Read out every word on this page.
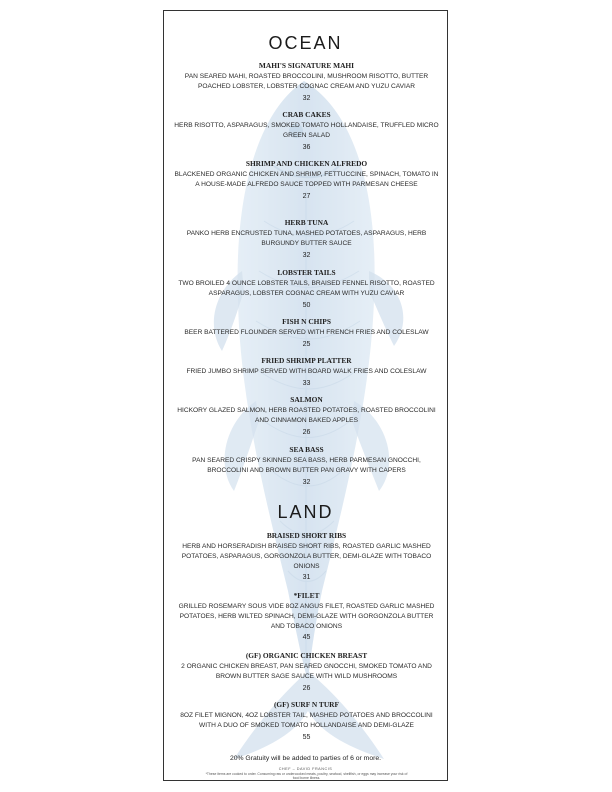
OCEAN
MAHI'S SIGNATURE MAHI
PAN SEARED MAHI, ROASTED BROCCOLINI, MUSHROOM RISOTTO, BUTTER POACHED LOBSTER, LOBSTER COGNAC CREAM AND YUZU CAVIAR
32
CRAB CAKES
HERB RISOTTO, ASPARAGUS, SMOKED TOMATO HOLLANDAISE, TRUFFLED MICRO GREEN SALAD
36
SHRIMP AND CHICKEN ALFREDO
BLACKENED ORGANIC CHICKEN AND SHRIMP, FETTUCCINE, SPINACH, TOMATO IN A HOUSE-MADE ALFREDO SAUCE TOPPED WITH PARMESAN CHEESE
27
HERB TUNA
PANKO HERB ENCRUSTED TUNA, MASHED POTATOES, ASPARAGUS, HERB BURGUNDY BUTTER SAUCE
32
LOBSTER TAILS
TWO BROILED 4 OUNCE LOBSTER TAILS, BRAISED FENNEL RISOTTO, ROASTED ASPARAGUS, LOBSTER COGNAC CREAM WITH YUZU CAVIAR
50
FISH N CHIPS
BEER BATTERED FLOUNDER SERVED WITH FRENCH FRIES AND COLESLAW
25
FRIED SHRIMP PLATTER
FRIED JUMBO SHRIMP SERVED WITH BOARD WALK FRIES AND COLESLAW
33
SALMON
HICKORY GLAZED SALMON, HERB ROASTED POTATOES, ROASTED BROCCOLINI AND CINNAMON BAKED APPLES
26
SEA BASS
PAN SEARED CRISPY SKINNED SEA BASS, HERB PARMESAN GNOCCHI, BROCCOLINI AND BROWN BUTTER PAN GRAVY WITH CAPERS
32
LAND
BRAISED SHORT RIBS
HERB AND HORSERADISH BRAISED SHORT RIBS, ROASTED GARLIC MASHED POTATOES, ASPARAGUS, GORGONZOLA BUTTER, DEMI-GLAZE WITH TOBACO ONIONS
31
*FILET
GRILLED ROSEMARY SOUS VIDE 8OZ ANGUS FILET, ROASTED GARLIC MASHED POTATOES, HERB WILTED SPINACH, DEMI-GLAZE WITH GORGONZOLA BUTTER AND TOBACO ONIONS
45
(GF) ORGANIC CHICKEN BREAST
2 ORGANIC CHICKEN BREAST, PAN SEARED GNOCCHI, SMOKED TOMATO AND BROWN BUTTER SAGE SAUCE WITH WILD MUSHROOMS
26
(GF) SURF N TURF
8OZ FILET MIGNON, 4OZ LOBSTER TAIL, MASHED POTATOES AND BROCCOLINI WITH A DUO OF SMOKED TOMATO HOLLANDAISE AND DEMI-GLAZE
55
20% Gratuity will be added to parties of 6 or more.
CHEF – DAVID FRANCIS
*These items are cooked to order. Consuming raw or undercooked meats, poultry, seafood, shellfish, or eggs may increase your risk of food borne illness.
